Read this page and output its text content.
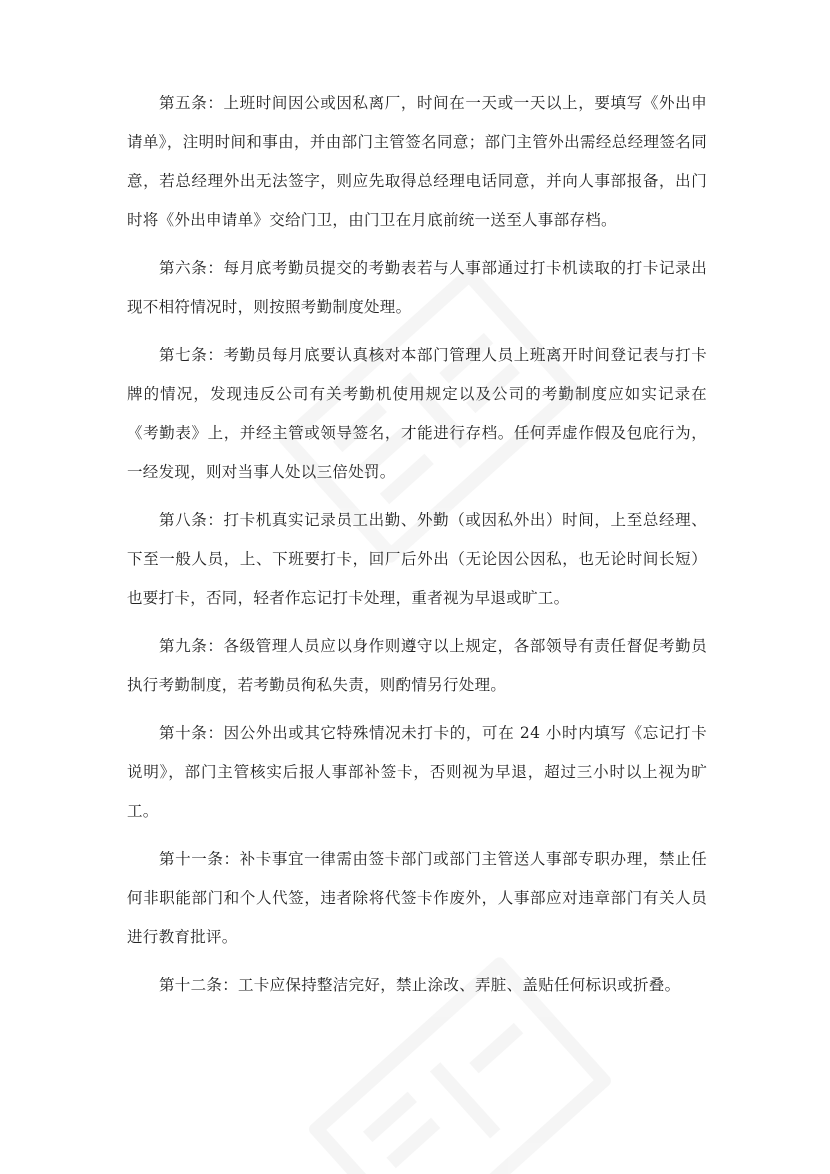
第五条：上班时间因公或因私离厂，时间在一天或一天以上，要填写《外出申请单》，注明时间和事由，并由部门主管签名同意；部门主管外出需经总经理签名同意，若总经理外出无法签字，则应先取得总经理电话同意，并向人事部报备，出门时将《外出申请单》交给门卫，由门卫在月底前统一送至人事部存档。

第六条：每月底考勤员提交的考勤表若与人事部通过打卡机读取的打卡记录出现不相符情况时，则按照考勤制度处理。

第七条：考勤员每月底要认真核对本部门管理人员上班离开时间登记表与打卡牌的情况，发现违反公司有关考勤机使用规定以及公司的考勤制度应如实记录在《考勤表》上，并经主管或领导签名，才能进行存档。任何弄虚作假及包庇行为，一经发现，则对当事人处以三倍处罚。

第八条：打卡机真实记录员工出勤、外勤（或因私外出）时间，上至总经理、下至一般人员，上、下班要打卡，回厂后外出（无论因公因私，也无论时间长短）也要打卡，否同，轻者作忘记打卡处理，重者视为早退或旷工。

第九条：各级管理人员应以身作则遵守以上规定，各部领导有责任督促考勤员执行考勤制度，若考勤员徇私失责，则酌情另行处理。

第十条：因公外出或其它特殊情况未打卡的，可在 24 小时内填写《忘记打卡说明》，部门主管核实后报人事部补签卡，否则视为早退，超过三小时以上视为旷工。

第十一条：补卡事宜一律需由签卡部门或部门主管送人事部专职办理，禁止任何非职能部门和个人代签，违者除将代签卡作废外，人事部应对违章部门有关人员进行教育批评。

第十二条：工卡应保持整洁完好，禁止涂改、弄脏、盖贴任何标识或折叠。
